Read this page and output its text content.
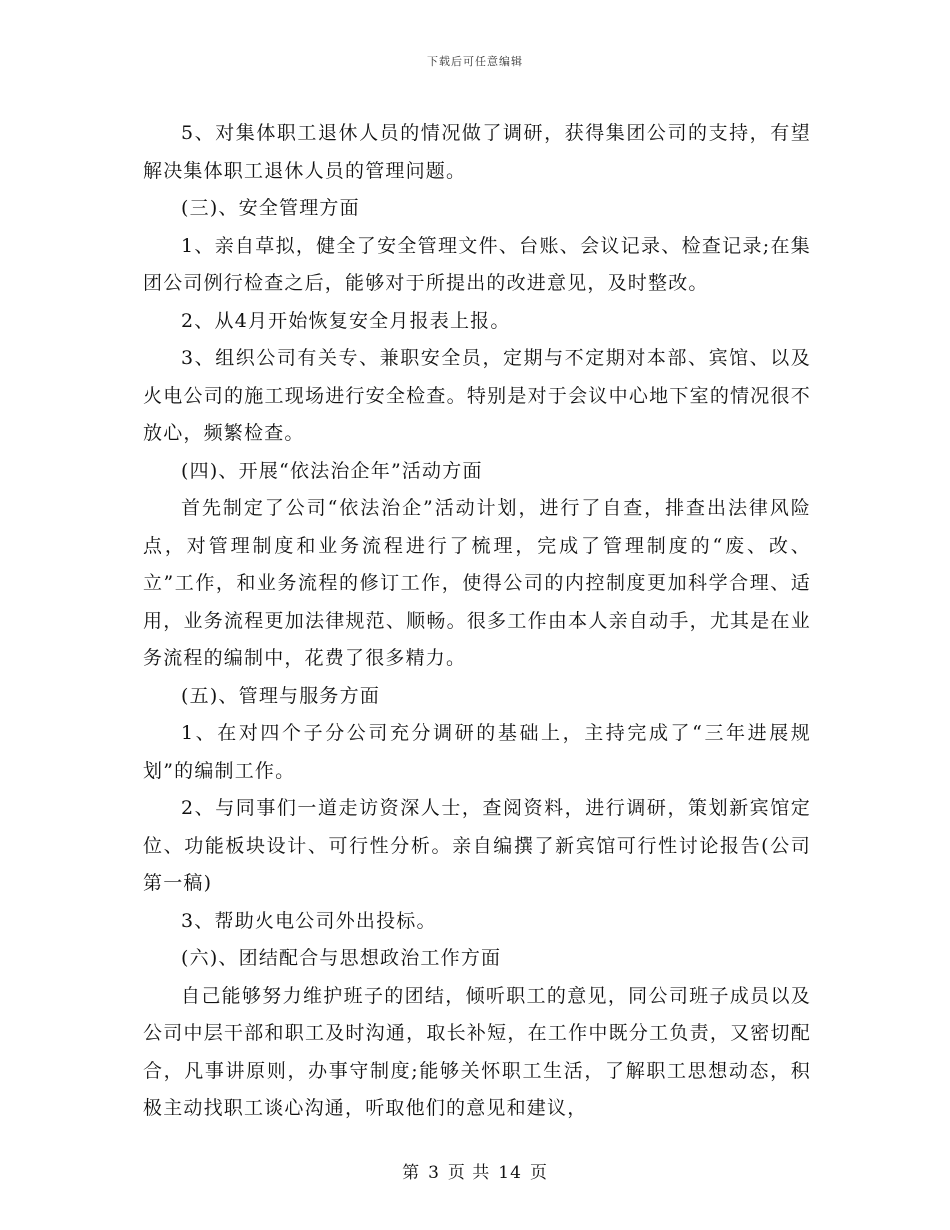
下载后可任意编辑

5、对集体职工退休人员的情况做了调研，获得集团公司的支持，有望解决集体职工退休人员的管理问题。

(三)、安全管理方面

1、亲自草拟，健全了安全管理文件、台账、会议记录、检查记录;在集团公司例行检查之后，能够对于所提出的改进意见，及时整改。

2、从4月开始恢复安全月报表上报。

3、组织公司有关专、兼职安全员，定期与不定期对本部、宾馆、以及火电公司的施工现场进行安全检查。特别是对于会议中心地下室的情况很不放心，频繁检查。

(四)、开展“依法治企年”活动方面

首先制定了公司“依法治企”活动计划，进行了自查，排查出法律风险点，对管理制度和业务流程进行了梳理，完成了管理制度的“废、改、立”工作，和业务流程的修订工作，使得公司的内控制度更加科学合理、适用，业务流程更加法律规范、顺畅。很多工作由本人亲自动手，尤其是在业务流程的编制中，花费了很多精力。

(五)、管理与服务方面

1、在对四个子分公司充分调研的基础上，主持完成了“三年进展规划”的编制工作。

2、与同事们一道走访资深人士，查阅资料，进行调研，策划新宾馆定位、功能板块设计、可行性分析。亲自编撰了新宾馆可行性讨论报告(公司第一稿)

3、帮助火电公司外出投标。

(六)、团结配合与思想政治工作方面

自己能够努力维护班子的团结，倾听职工的意见，同公司班子成员以及公司中层干部和职工及时沟通，取长补短，在工作中既分工负责，又密切配合，凡事讲原则，办事守制度;能够关怀职工生活，了解职工思想动态，积极主动找职工谈心沟通，听取他们的意见和建议，

第 3 页 共 14 页
